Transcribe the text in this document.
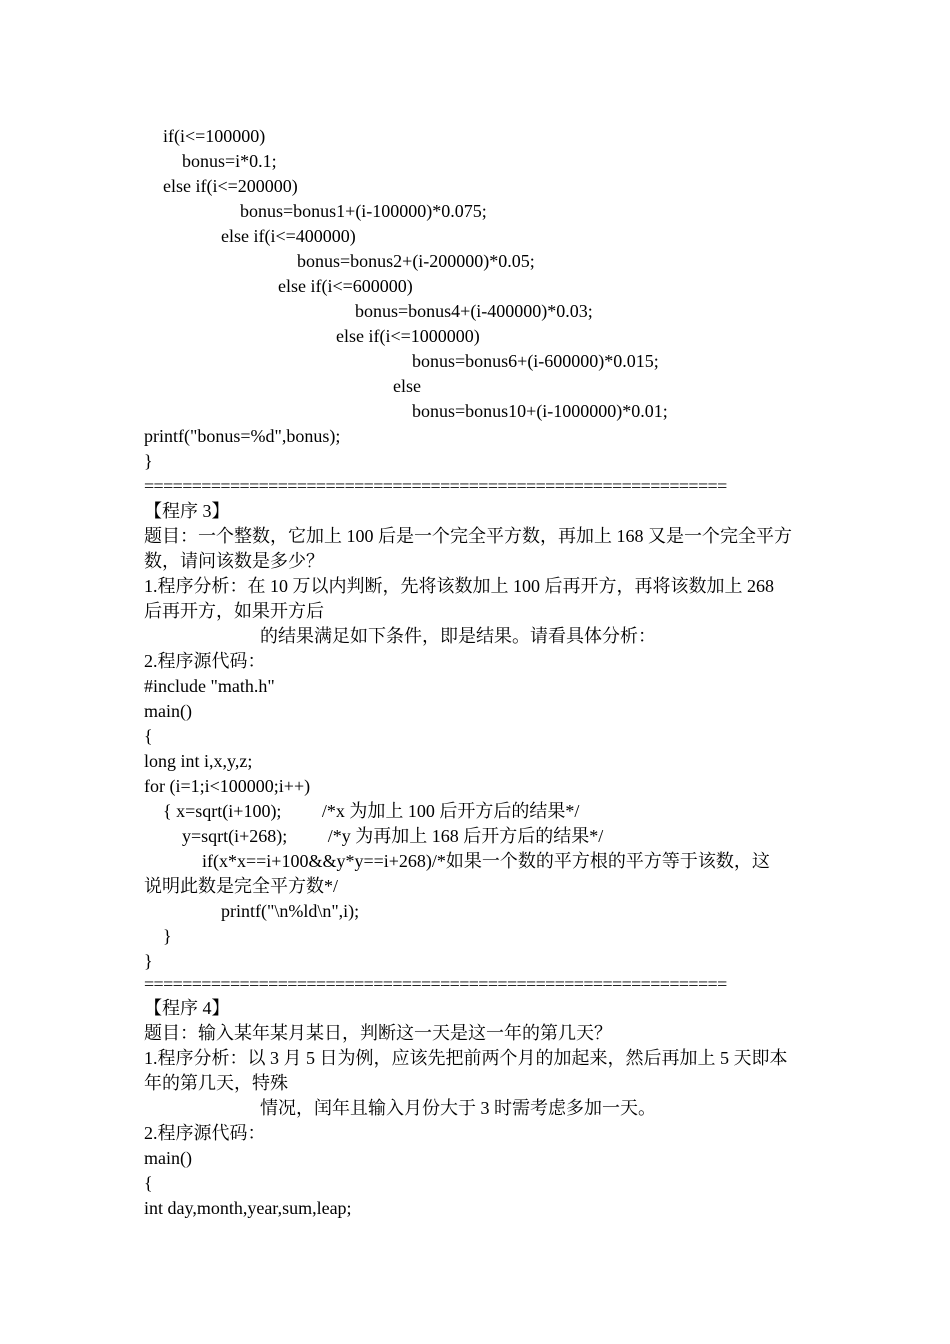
if(i<=100000)
bonus=i*0.1;
else if(i<=200000)
bonus=bonus1+(i-100000)*0.075;
else if(i<=400000)
bonus=bonus2+(i-200000)*0.05;
else if(i<=600000)
bonus=bonus4+(i-400000)*0.03;
else if(i<=1000000)
bonus=bonus6+(i-600000)*0.015;
else
bonus=bonus10+(i-1000000)*0.01;
printf("bonus=%d",bonus);
}
=============================================================
【程序 3】
题目：一个整数，它加上 100 后是一个完全平方数，再加上 168 又是一个完全平方
数，请问该数是多少？
1.程序分析：在 10 万以内判断，先将该数加上 100 后再开方，再将该数加上 268
后再开方，如果开方后
的结果满足如下条件，即是结果。请看具体分析：
2.程序源代码：
#include "math.h"
main()
{
long int i,x,y,z;
for (i=1;i<100000;i++)
{ x=sqrt(i+100);         /*x 为加上 100 后开方后的结果*/
y=sqrt(i+268);         /*y 为再加上 168 后开方后的结果*/
if(x*x==i+100&&y*y==i+268)/*如果一个数的平方根的平方等于该数，这
说明此数是完全平方数*/
printf("\n%ld\n",i);
}
}
=============================================================
【程序 4】
题目：输入某年某月某日，判断这一天是这一年的第几天？
1.程序分析：以 3 月 5 日为例，应该先把前两个月的加起来，然后再加上 5 天即本
年的第几天，特殊
情况，闰年且输入月份大于 3 时需考虑多加一天。
2.程序源代码：
main()
{
int day,month,year,sum,leap;
